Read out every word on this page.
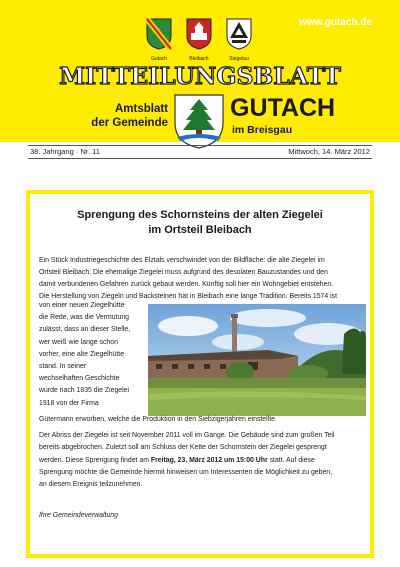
www.gutach.de
Gutach	Bleibach	Siegelau
MITTEILUNGSBLATT
Amtsblatt
der Gemeinde
GUTACH
im Breisgau
38. Jahrgang · Nr. 11	Mittwoch, 14. März 2012
Sprengung des Schornsteins der alten Ziegelei
im Ortsteil Bleibach
Ein Stück Industriegeschichte des Elztals verschwindet von der Bildfläche: die alte Ziegelei im
Ortsteil Bleibach. Die ehemalige Ziegelei muss aufgrund des desolaten Bauzustandes und den
damit verbundenen Gefahren zurück gebaut werden. Künftig soll hier ein Wohngebiet entstehen.
Die Herstellung von Ziegeln und Backsteinen hat in Bleibach eine lange Tradition. Bereits 1574 ist
von einer neuen Ziegelhütte
die Rede, was die Vermutung
zulässt, dass an dieser Stelle,
wer weiß wie lange schon
vorher, eine alte Ziegelhütte
stand. In seiner
wechselhaften Geschichte
wurde nach 1835 die Ziegelei
1918 von der Firma
Gütermann erworben, welche die Produktion in den Siebzigerjahren einstellte.
Der Abriss der Ziegelei ist seit November 2011 voll im Gange. Die Gebäude sind zum großen Teil
bereits abgebrochen. Zuletzt soll am Schluss der Kette der Schornstein der Ziegelei gesprengt
werden. Diese Sprengung findet am Freitag, 23. März 2012 um 15:00 Uhr statt. Auf diese
Sprengung möchte die Gemeinde hiermit hinweisen um Interessenten die Möglichkeit zu geben,
an diesem Ereignis teilzunehmen.
Ihre Gemeindeverwaltung
